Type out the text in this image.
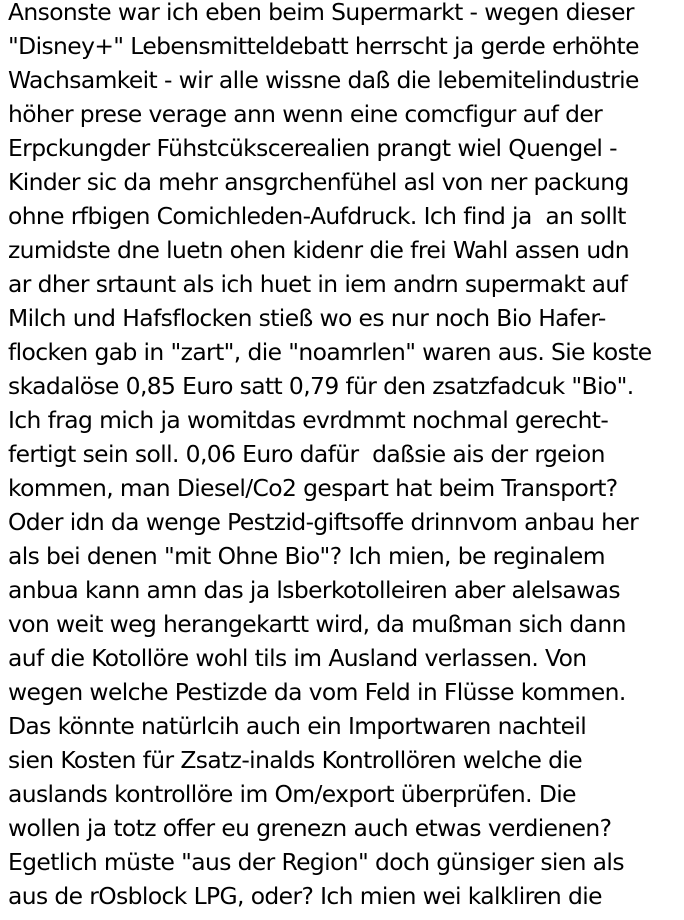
Ansonste war ich eben beim Supermarkt - wegen dieser
"Disney+" Lebensmitteldebatt herrscht ja gerde erhöhte
Wachsamkeit - wir alle wissne daß die lebemitelindustrie
höher prese verage ann wenn eine comcfigur auf der
Erpckungder Fühstcükscerealien prangt wiel Quengel -
Kinder sic da mehr ansgrchenfühel asl von ner packung
ohne rfbigen Comichleden-Aufdruck. Ich find ja  an sollt
zumidste dne luetn ohen kidenr die frei Wahl assen udn
ar dher srtaunt als ich huet in iem andrn supermakt auf
Milch und Hafsflocken stieß wo es nur noch Bio Hafer-
flocken gab in "zart", die "noamrlen" waren aus. Sie koste
skadalöse 0,85 Euro satt 0,79 für den zsatzfadcuk "Bio".
Ich frag mich ja womitdas evrdmmt nochmal gerecht-
fertigt sein soll. 0,06 Euro dafür  daßsie ais der rgeion
kommen, man Diesel/Co2 gespart hat beim Transport?
Oder idn da wenge Pestzid-giftsoffe drinnvom anbau her
als bei denen "mit Ohne Bio"? Ich mien, be reginalem
anbua kann amn das ja lsberkotolleiren aber alelsawas
von weit weg herangekartt wird, da mußman sich dann
auf die Kotollöre wohl tils im Ausland verlassen. Von
wegen welche Pestizde da vom Feld in Flüsse kommen.
Das könnte natürlcih auch ein Importwaren nachteil
sien Kosten für Zsatz-inalds Kontrollören welche die
auslands kontrollöre im Om/export überprüfen. Die
wollen ja totz offer eu grenezn auch etwas verdienen?
Egetlich müste "aus der Region" doch günsiger sien als
aus de rOsblock LPG, oder? Ich mien wei kalkliren die
